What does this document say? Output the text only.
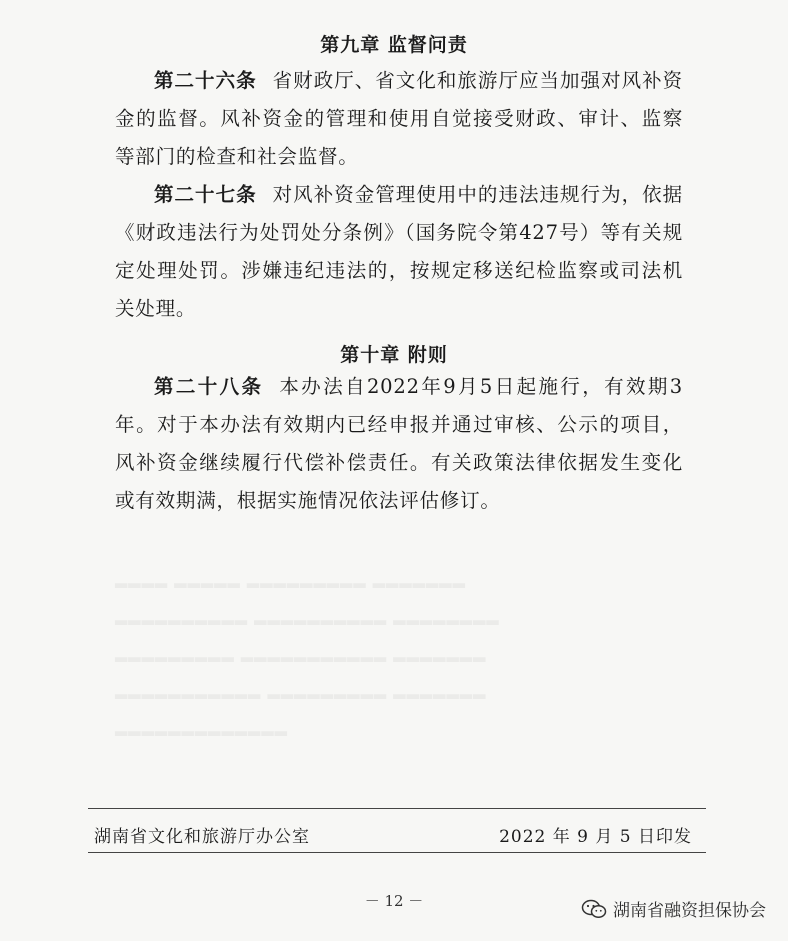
第九章 监督问责

第二十六条 省财政厅、省文化和旅游厅应当加强对风补资金的监督。风补资金的管理和使用自觉接受财政、审计、监察等部门的检查和社会监督。

第二十七条 对风补资金管理使用中的违法违规行为，依据《财政违法行为处罚处分条例》（国务院令第427号）等有关规定处理处罚。涉嫌违纪违法的，按规定移送纪检监察或司法机关处理。

第十章 附则

第二十八条 本办法自2022年9月5日起施行，有效期3年。对于本办法有效期内已经申报并通过审核、公示的项目，风补资金继续履行代偿补偿责任。有关政策法律依据发生变化或有效期满，根据实施情况依法评估修订。

湖南省文化和旅游厅办公室	2022 年 9 月 5 日印发
－ 12 －	湖南省融资担保协会
